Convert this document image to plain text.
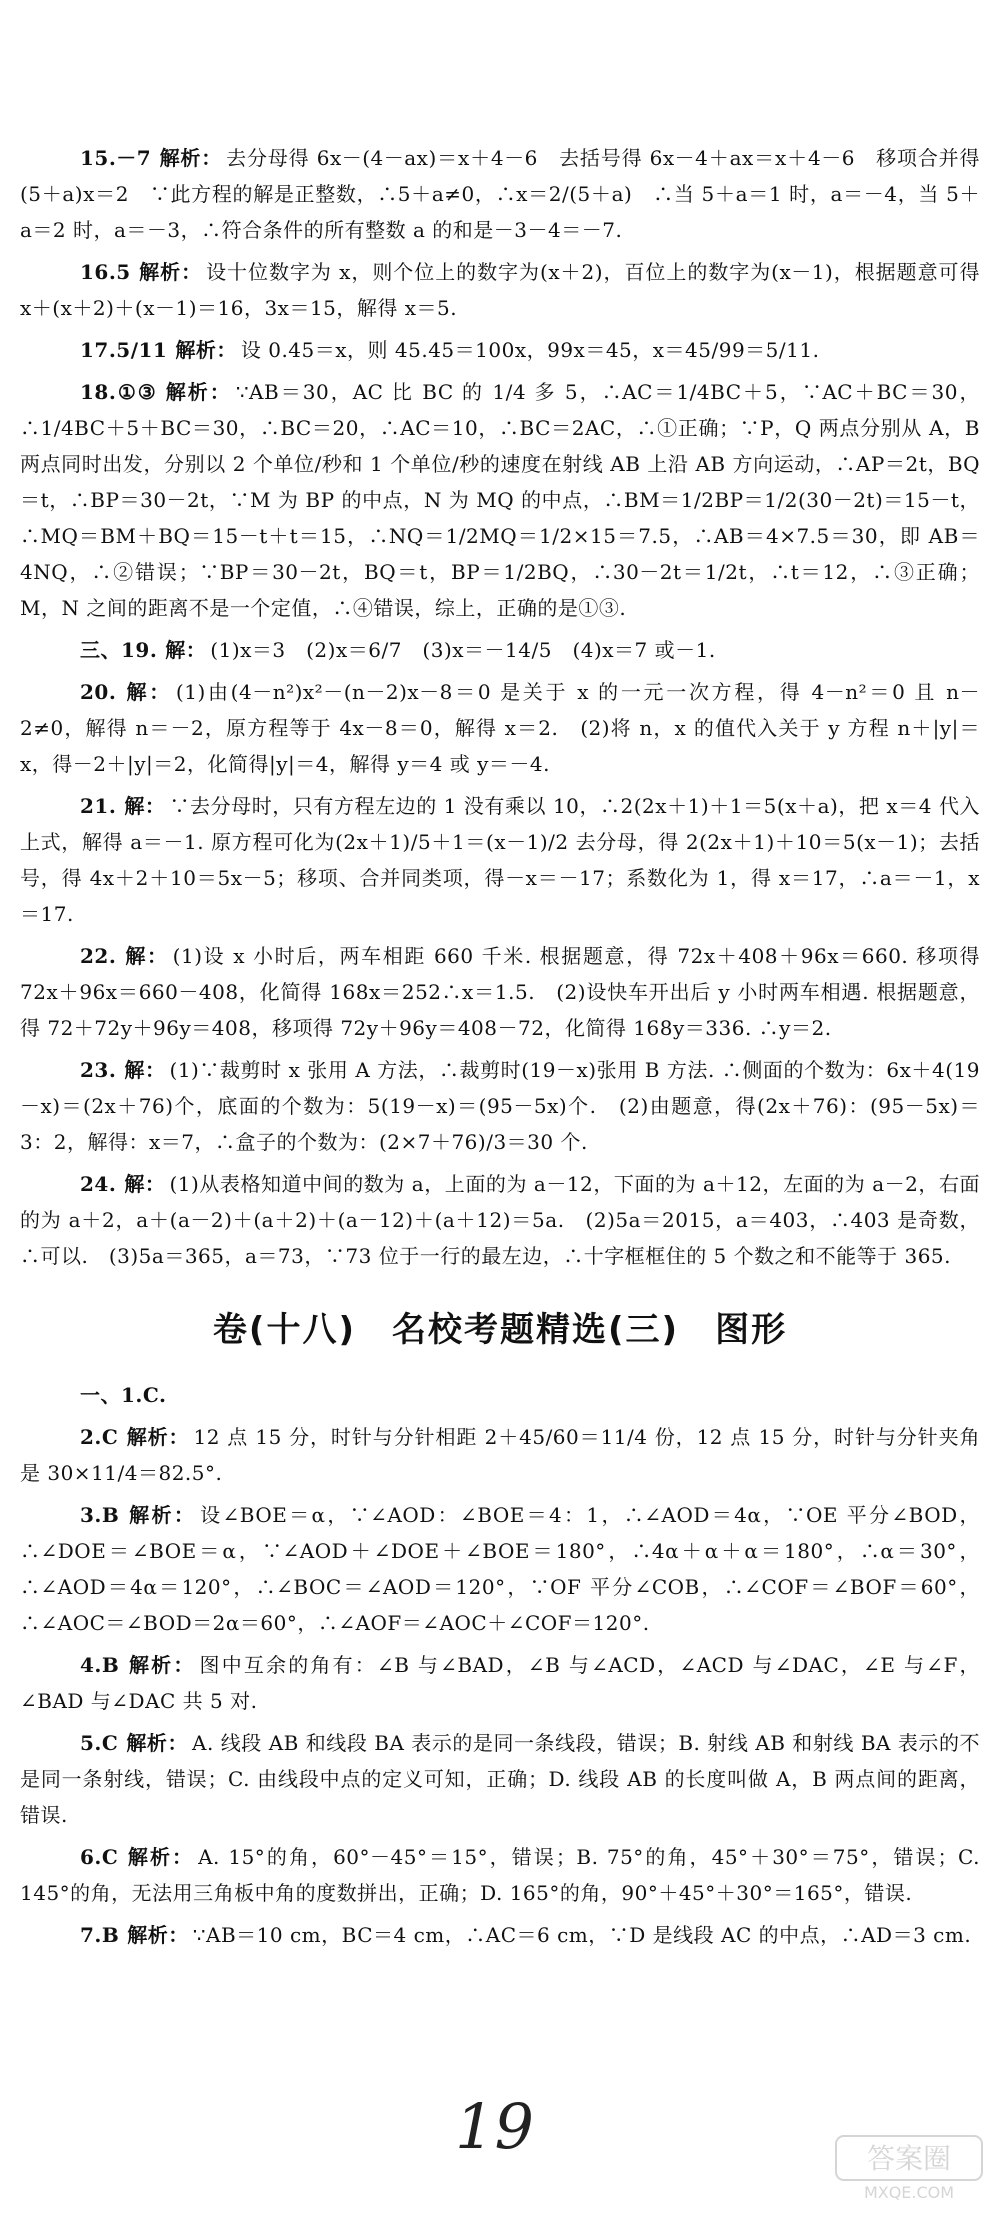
15.－7 解析： 去分母得 6x－(4－ax)＝x＋4－6　去括号得 6x－4＋ax＝x＋4－6　移项合并得(5＋a)x＝2　∵此方程的解是正整数，∴5＋a≠0，∴x＝2/(5＋a)　∴当 5＋a＝1 时，a＝－4，当 5＋a＝2 时，a＝－3，∴符合条件的所有整数 a 的和是－3－4＝－7.

16.5 解析： 设十位数字为 x，则个位上的数字为(x＋2)，百位上的数字为(x－1)，根据题意可得 x＋(x＋2)＋(x－1)＝16，3x＝15，解得 x＝5.

17.5/11 解析： 设 0.45＝x，则 45.45＝100x，99x＝45，x＝45/99＝5/11.

18.①③ 解析： ∵AB＝30，AC 比 BC 的 1/4 多 5，∴AC＝1/4BC＋5，∵AC＋BC＝30，∴1/4BC＋5＋BC＝30，∴BC＝20，∴AC＝10，∴BC＝2AC，∴①正确；∵P，Q 两点分别从 A，B 两点同时出发，分别以 2 个单位/秒和 1 个单位/秒的速度在射线 AB 上沿 AB 方向运动，∴AP＝2t，BQ＝t，∴BP＝30－2t，∵M 为 BP 的中点，N 为 MQ 的中点，∴BM＝1/2BP＝1/2(30－2t)＝15－t，∴MQ＝BM＋BQ＝15－t＋t＝15，∴NQ＝1/2MQ＝1/2×15＝7.5，∴AB＝4×7.5＝30，即 AB＝4NQ，∴②错误；∵BP＝30－2t，BQ＝t，BP＝1/2BQ，∴30－2t＝1/2t，∴t＝12，∴③正确；M，N 之间的距离不是一个定值，∴④错误，综上，正确的是①③.

三、19. 解： (1)x＝3　(2)x＝6/7　(3)x＝－14/5　(4)x＝7 或－1.

20. 解： (1)由(4－n²)x²－(n－2)x－8＝0 是关于 x 的一元一次方程，得 4－n²＝0 且 n－2≠0，解得 n＝－2，原方程等于 4x－8＝0，解得 x＝2.　(2)将 n，x 的值代入关于 y 方程 n＋|y|＝x，得－2＋|y|＝2，化简得|y|＝4，解得 y＝4 或 y＝－4.

21. 解： ∵去分母时，只有方程左边的 1 没有乘以 10，∴2(2x＋1)＋1＝5(x＋a)，把 x＝4 代入上式，解得 a＝－1. 原方程可化为(2x＋1)/5＋1＝(x－1)/2 去分母，得 2(2x＋1)＋10＝5(x－1)；去括号，得 4x＋2＋10＝5x－5；移项、合并同类项，得－x＝－17；系数化为 1，得 x＝17，∴a＝－1，x＝17.

22. 解： (1)设 x 小时后，两车相距 660 千米. 根据题意，得 72x＋408＋96x＝660. 移项得 72x＋96x＝660－408，化简得 168x＝252∴x＝1.5.　(2)设快车开出后 y 小时两车相遇. 根据题意，得 72＋72y＋96y＝408，移项得 72y＋96y＝408－72，化简得 168y＝336. ∴y＝2.

23. 解： (1)∵裁剪时 x 张用 A 方法，∴裁剪时(19－x)张用 B 方法. ∴侧面的个数为：6x＋4(19－x)＝(2x＋76)个，底面的个数为：5(19－x)＝(95－5x)个.　(2)由题意，得(2x＋76)：(95－5x)＝3：2，解得：x＝7，∴盒子的个数为：(2×7＋76)/3＝30 个.

24. 解： (1)从表格知道中间的数为 a，上面的为 a－12，下面的为 a＋12，左面的为 a－2，右面的为 a＋2，a＋(a－2)＋(a＋2)＋(a－12)＋(a＋12)＝5a.　(2)5a＝2015，a＝403，∴403 是奇数，∴可以.　(3)5a＝365，a＝73，∵73 位于一行的最左边，∴十字框框住的 5 个数之和不能等于 365.

卷(十八)　名校考题精选(三)　图形

一、1.C.

2.C 解析： 12 点 15 分，时针与分针相距 2＋45/60＝11/4 份，12 点 15 分，时针与分针夹角是 30×11/4＝82.5°.

3.B 解析： 设∠BOE＝α，∵∠AOD：∠BOE＝4：1，∴∠AOD＝4α，∵OE 平分∠BOD，∴∠DOE＝∠BOE＝α，∵∠AOD＋∠DOE＋∠BOE＝180°，∴4α＋α＋α＝180°，∴α＝30°，∴∠AOD＝4α＝120°，∴∠BOC＝∠AOD＝120°，∵OF 平分∠COB，∴∠COF＝∠BOF＝60°，∴∠AOC＝∠BOD＝2α＝60°，∴∠AOF＝∠AOC＋∠COF＝120°.

4.B 解析： 图中互余的角有：∠B 与∠BAD，∠B 与∠ACD，∠ACD 与∠DAC，∠E 与∠F，∠BAD 与∠DAC 共 5 对.

5.C 解析： A. 线段 AB 和线段 BA 表示的是同一条线段，错误；B. 射线 AB 和射线 BA 表示的不是同一条射线，错误；C. 由线段中点的定义可知，正确；D. 线段 AB 的长度叫做 A，B 两点间的距离，错误.

6.C 解析： A. 15°的角，60°－45°＝15°，错误；B. 75°的角，45°＋30°＝75°，错误；C. 145°的角，无法用三角板中角的度数拼出，正确；D. 165°的角，90°＋45°＋30°＝165°，错误.

7.B 解析： ∵AB＝10 cm，BC＝4 cm，∴AC＝6 cm，∵D 是线段 AC 的中点，∴AD＝3 cm.

19	答案圈
MXQE.COM
